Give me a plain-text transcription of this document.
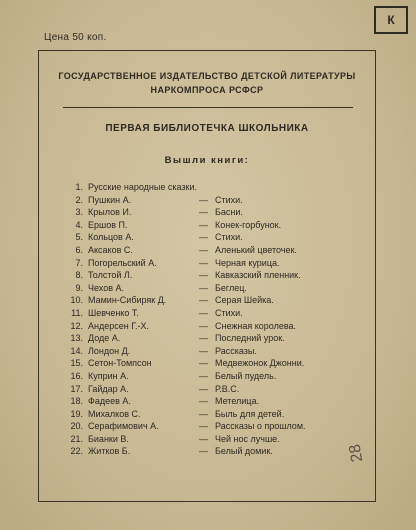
К
Цена 50 коп.
ГОСУДАРСТВЕННОЕ ИЗДАТЕЛЬСТВО ДЕТСКОЙ ЛИТЕРАТУРЫ
НАРКОМПРОСА РСФСР
ПЕРВАЯ БИБЛИОТЕЧКА ШКОЛЬНИКА
Вышли книги:
1. Русские народные сказки.
2. Пушкин А.	— Стихи.
3. Крылов И.	— Басни.
4. Ершов П.	— Конек-горбунок.
5. Кольцов А.	— Стихи.
6. Аксаков С.	— Аленький цветочек.
7. Погорельский А.	— Черная курица.
8. Толстой Л.	— Кавказский пленник.
9. Чехов А.	— Беглец.
10. Мамин-Сибиряк Д.	— Серая Шейка.
11. Шевченко Т.	— Стихи.
12. Андерсен Г.-Х.	— Снежная королева.
13. Доде А.	— Последний урок.
14. Лондон Д.	— Рассказы.
15. Сетон-Томпсон	— Медвежонок Джонни.
16. Куприн А.	— Белый пудель.
17. Гайдар А.	— Р.В.С.
18. Фадеев А.	— Метелица.
19. Михалков С.	— Быль для детей.
20. Серафимович А.	— Рассказы о прошлом.
21. Бианки В.	— Чей нос лучше.
22. Житков Б.	— Белый домик.	28
